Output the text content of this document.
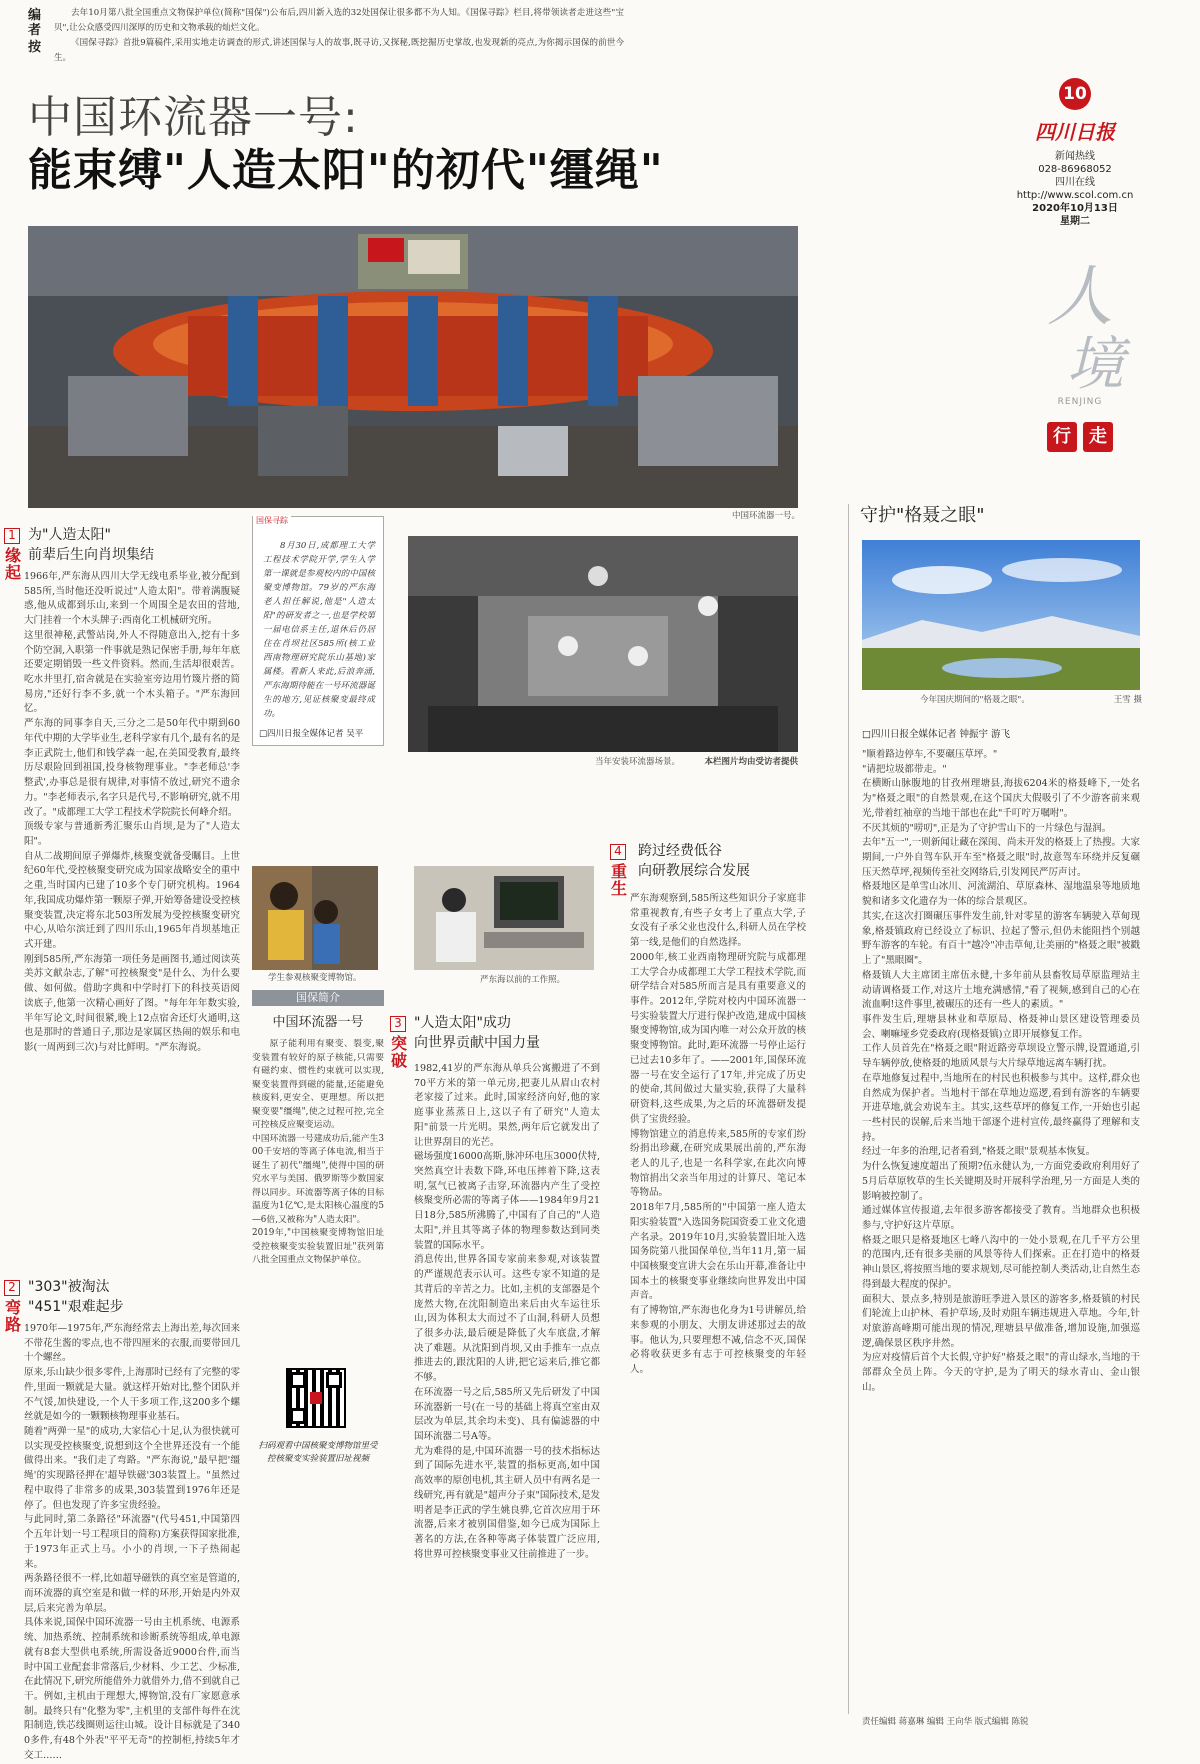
编者
按
去年10月第八批全国重点文物保护单位(简称"国保")公布后,四川新入选的32处国保让很多都不为人知。《国保寻踪》栏目,将带领读者走进这些"宝贝",让公众感受四川深厚的历史和文物承载的灿烂文化。
《国保寻踪》首批9篇稿件,采用实地走访调查的形式,讲述国保与人的故事,既寻访,又探秘,既挖掘历史掌故,也发现新的亮点,为你揭示国保的前世今生。
10
四川日报
新闻热线
028-86968052
四川在线
http://www.scol.com.cn
2020年10月13日
星期二
人
境
RENJING
行	走
中国环流器一号:
能束缚"人造太阳"的初代"缰绳"
中国环流器一号。	守护"格聂之眼"
今年国庆期间的"格聂之眼"。	王雪 摄
□四川日报全媒体记者 钟振宇 游飞
"顺着路边停车,不要碾压草坪。"
"请把垃圾都带走。"
在横断山脉腹地的甘孜州理塘县,海拔6204米的格聂峰下,一处名为"格聂之眼"的自然景观,在这个国庆大假吸引了不少游客前来观光,带着红袖章的当地干部也在此"千叮咛万嘱咐"。
不厌其烦的"唠叨",正是为了守护雪山下的一片绿色与湿润。
去年"五一",一则新闻让藏在深闺、尚未开发的格聂上了热搜。大家期间,一户外自驾车队开车至"格聂之眼"时,故意驾车环绕并反复碾压天然草坪,视频传至社交网络后,引发网民严厉声讨。
格聂地区是单雪山冰川、河流湖泊、草原森林、湿地温泉等地质地貌和诸多文化遗存为一体的综合景观区。
其实,在这次打圈碾压事件发生前,针对零星的游客车辆驶入草甸现象,格聂镇政府已经设立了标识、拉起了警示,但仍未能阻挡个别越野车游客的车轮。有百十"越冷"冲击草甸,让美丽的"格聂之眼"被戳上了"黑眼圈"。
格聂镇人大主席团主席伍永健,十多年前从县畜牧局草原监理站主动请调格聂工作,对这片土地充满感情,"看了视频,感到自己的心在流血啊!这件事里,被碾压的还有一些人的素质。"
事件发生后,理塘县林业和草原局、格聂神山景区建设管理委员会、喇嘛垭乡党委政府(现格聂镇)立即开展修复工作。
工作人员首先在"格聂之眼"附近路旁草坝设立警示牌,设置通道,引导车辆停放,使格聂的地质风景与大片绿草地远离车辆打扰。
在草地修复过程中,当地所在的村民也积极参与其中。这样,群众也自然成为保护者。当地村干部在草地边巡逻,看到有游客的车辆要开进草地,就会劝说车主。其实,这些草坪的修复工作,一开始也引起一些村民的误解,后来当地干部逐个进村宣传,最终赢得了理解和支持。
经过一年多的治理,记者看到,"格聂之眼"景观基本恢复。
为什么恢复速度超出了预期?伍永健认为,一方面党委政府利用好了5月后草原牧草的生长关键期及时开展科学治理,另一方面是人类的影响被控制了。
通过媒体宣传报道,去年很多游客都接受了教育。当地群众也积极参与,守护好这片草原。
格聂之眼只是格聂地区七峰八沟中的一处小景观,在几千平方公里的范围内,还有很多美丽的风景等待人们探索。正在打造中的格聂神山景区,将按照当地的要求规划,尽可能控制人类活动,让自然生态得到最大程度的保护。
面积大、景点多,特别是旅游旺季进入景区的游客多,格聂镇的村民们轮流上山护林、看护草场,及时劝阻车辆违规进入草地。今年,针对旅游高峰期可能出现的情况,理塘县早做准备,增加设施,加强巡逻,确保景区秩序井然。
为应对疫情后首个大长假,守护好"格聂之眼"的青山绿水,当地的干部群众全员上阵。今天的守护,是为了明天的绿水青山、金山银山。
1
缘起
为"人造太阳"
前辈后生向肖坝集结
1966年,严东海从四川大学无线电系毕业,被分配到585所,当时他还没听说过"人造太阳"。带着满腹疑惑,他从成都到乐山,来到一个周围全是农田的营地,大门挂着一个木头牌子:西南化工机械研究所。
这里很神秘,武警站岗,外人不得随意出入,挖有十多个防空洞,入职第一件事就是熟记保密手册,每年年底还要定期销毁一些文件资料。然而,生活却很艰苦。吃水井里打,宿舍就是在实验室旁边用竹篾片搭的简易房,"还好行李不多,就一个木头箱子。"严东海回忆。
严东海的同事李自天,三分之二是50年代中期到60年代中期的大学毕业生,老科学家有几个,最有名的是李正武院士,他们和钱学森一起,在美国受教育,最终历尽艰险回到祖国,投身核物理事业。"李老师总'李整武',办事总是很有规律,对事情不放过,研究不遗余力。"李老师表示,名字只是代号,不影响研究,就不用改了。"成都理工大学工程技术学院院长何峰介绍。
顶级专家与普通新秀汇聚乐山肖坝,是为了"人造太阳"。
自从二战期间原子弹爆炸,核聚变就备受瞩目。上世纪60年代,受控核聚变研究成为国家战略安全的重中之重,当时国内已建了10多个专门研究机构。1964年,我国成功爆炸第一颗原子弹,开始筹备建设受控核聚变装置,决定将东北503所发展为受控核聚变研究中心,从哈尔滨迁到了四川乐山,1965年肖坝基地正式开建。
刚到585所,严东海第一项任务是画图书,通过阅读英美苏文献杂志,了解"可控核聚变"是什么、为什么要做、如何做。借助字典和中学时打下的科技英语阅读底子,他第一次精心画好了图。"每年年年数实验,半年写论文,时间很紧,晚上12点宿舍还灯火通明,这也是那时的普通日子,那边是家属区热闹的娱乐和电影(一周两到三次)与对比鲜明。"严东海说。
2
弯路
"303"被淘汰
"451"艰难起步
1970年—1975年,严东海经常去上海出差,每次回来不带花生酱的零点,也不带四厘米的衣服,而要带回几十个螺丝。
原来,乐山缺少很多零件,上海那时已经有了完整的零件,里面一颗就是大量。就这样开始对比,整个团队并不气馁,加快建设,一个人干多项工作,这200多个螺丝就是如今的一颗颗核物理事业基石。
随着"两弹一星"的成功,大家信心十足,认为很快就可以实现受控核聚变,说想到这个全世界还没有一个能做得出来。"我们走了弯路。"严东海说,"最早把'缰绳'的实现路径押在'超导铁磁'303装置上。"虽然过程中取得了非常多的成果,303装置到1976年还是停了。但也发现了许多宝贵经验。
与此同时,第二条路径"环流器"(代号451,中国第四个五年计划一号工程项目的简称)方案获得国家批准,于1973年正式上马。小小的肖坝,一下子热闹起来。
两条路径很不一样,比如超导磁铁的真空室是管道的,而环流器的真空室是和做一样的环形,开始是内外双层,后来完善为单层。
具体来说,国保中国环流器一号由主机系统、电源系统、加热系统、控制系统和诊断系统等组成,单电源就有8套大型供电系统,所需设备近9000台件,而当时中国工业配套非常落后,少材料、少工艺、少标准,在此情况下,研究所能借外力就借外力,借不到就自己干。例如,主机由于理想大,博物馆,没有厂家愿意承制。最终只有"化整为零",主机里的支部件每件在沈阳制造,铁芯线圈则运往山城。设计目标就是了3400多件,有48个外表"平平无奇"的控制柜,持续5年才交工……
国保寻踪
8月30日,成都理工大学工程技术学院开学,学生入学第一课就是参观校内的中国核聚变博物馆。79岁的严东海老人担任解说,他是"人造太阳"的研发者之一,也是学校第一届电信系主任,退休后仍居住在肖坝社区585所(核工业西南物理研究院乐山基地)家属楼。看新人来此,后浪奔涌,严东海期待能在一号环流器诞生的地方,见证核聚变最终成功。
□四川日报全媒体记者 吴平
当年安装环流器场景。	本栏图片均由受访者提供
学生参观核聚变博物馆。	严东海以前的工作照。
国保简介
中国环流器一号
原子能利用有聚变、裂变,聚变装置有较好的原子核能,只需要有磁约束、惯性约束就可以实现,聚变装置得到磁的能量,还能避免核废料,更安全、更理想。所以把聚变要"缰绳",使之过程可控,完全可控核反应聚变运动。
中国环流器一号建成功后,能产生300千安培的等离子体电流,相当于诞生了初代"缰绳",使得中国的研究水平与美国、俄罗斯等少数国家得以同步。环流器等离子体的目标温度为1亿℃,是太阳核心温度的5—6倍,又被称为"人造太阳"。
2019年,"中国核聚变博物馆旧址受控核聚变实验装置旧址"获列第八批全国重点文物保护单位。
扫码观看中国核聚变博物馆里受控核聚变实验装置旧址视频
3
突破
"人造太阳"成功
向世界贡献中国力量
1982,41岁的严东海从单兵公寓搬进了不到70平方米的第一单元房,把妻儿从眉山农村老家接了过来。此时,国家经济向好,他的家庭事业蒸蒸日上,这以子有了研究"人造太阳"前景一片光明。果然,两年后它就发出了让世界刮目的光芒。
磁场强度16000高斯,脉冲环电压3000伏特,突然真空计表数下降,环电压摔着下降,这表明,氢气已被离子击穿,环流器内产生了受控核聚变所必需的等离子体——1984年9月21日18分,585所沸腾了,中国有了自己的"人造太阳",并且其等离子体的物理参数达到同类装置的国际水平。
消息传出,世界各国专家前来参观,对该装置的严谨规范表示认可。这些专家不知道的是其背后的辛苦之力。比如,主机的支部器是个庞然大物,在沈阳制造出来后由火车运往乐山,因为体积太大而过不了山洞,科研人员想了很多办法,最后硬是降低了火车底盘,才解决了难题。从沈阳到肖坝,又由手推车一点点推进去的,跟沈阳的人讲,把它运来后,推它都不够。
在环流器一号之后,585所又先后研发了中国环流器新一号(在一号的基础上将真空室由双层改为单层,其余均未变)、具有偏滤器的中国环流器二号A等。
尤为难得的是,中国环流器一号的技术指标达到了国际先进水平,装置的指标更高,如中国高效率的原创电机,其主研人员中有两名是一线研究,再有就是"超声分子束"国际技术,是发明者是李正武的学生姚良骅,它首次应用于环流器,后来才被别国借鉴,如今已成为国际上著名的方法,在各种等离子体装置广泛应用,将世界可控核聚变事业又往前推进了一步。
4
重生
跨过经费低谷
向研教展综合发展
严东海观察到,585所这些知识分子家庭非常重视教育,有些子女考上了重点大学,子女没有子承父业也没什么,科研人员在学校第一线,是他们的自然选择。
2000年,核工业西南物理研究院与成都理工大学合办成都理工大学工程技术学院,而研学结合对585所而言是具有重要意义的事件。2012年,学院对校内中国环流器一号实验装置大厅进行保护改造,建成中国核聚变博物馆,成为国内唯一对公众开放的核聚变博物馆。此时,距环流器一号停止运行已过去10多年了。——2001年,国保环流器一号在安全运行了17年,并完成了历史的使命,其间做过大量实验,获得了大量科研资料,这些成果,为之后的环流器研发提供了宝贵经验。
博物馆建立的消息传来,585所的专家们纷纷捐出珍藏,在研究成果展出前的,严东海老人的儿子,也是一名科学家,在此次向博物馆捐出父亲当年用过的计算尺、笔记本等物品。
2018年7月,585所的"中国第一座人造太阳实验装置"入选国务院国资委工业文化遗产名录。2019年10月,实验装置旧址入选国务院第八批国保单位,当年11月,第一届中国核聚变宣讲大会在乐山开幕,准备让中国本土的核聚变事业继续向世界发出中国声音。
有了博物馆,严东海也化身为1号讲解员,给来参观的小朋友、大朋友讲述那过去的故事。他认为,只要理想不减,信念不灭,国保必将收获更多有志于可控核聚变的年轻人。
责任编辑 蒋嘉琳 编辑 王向华 版式编辑 陈锐
